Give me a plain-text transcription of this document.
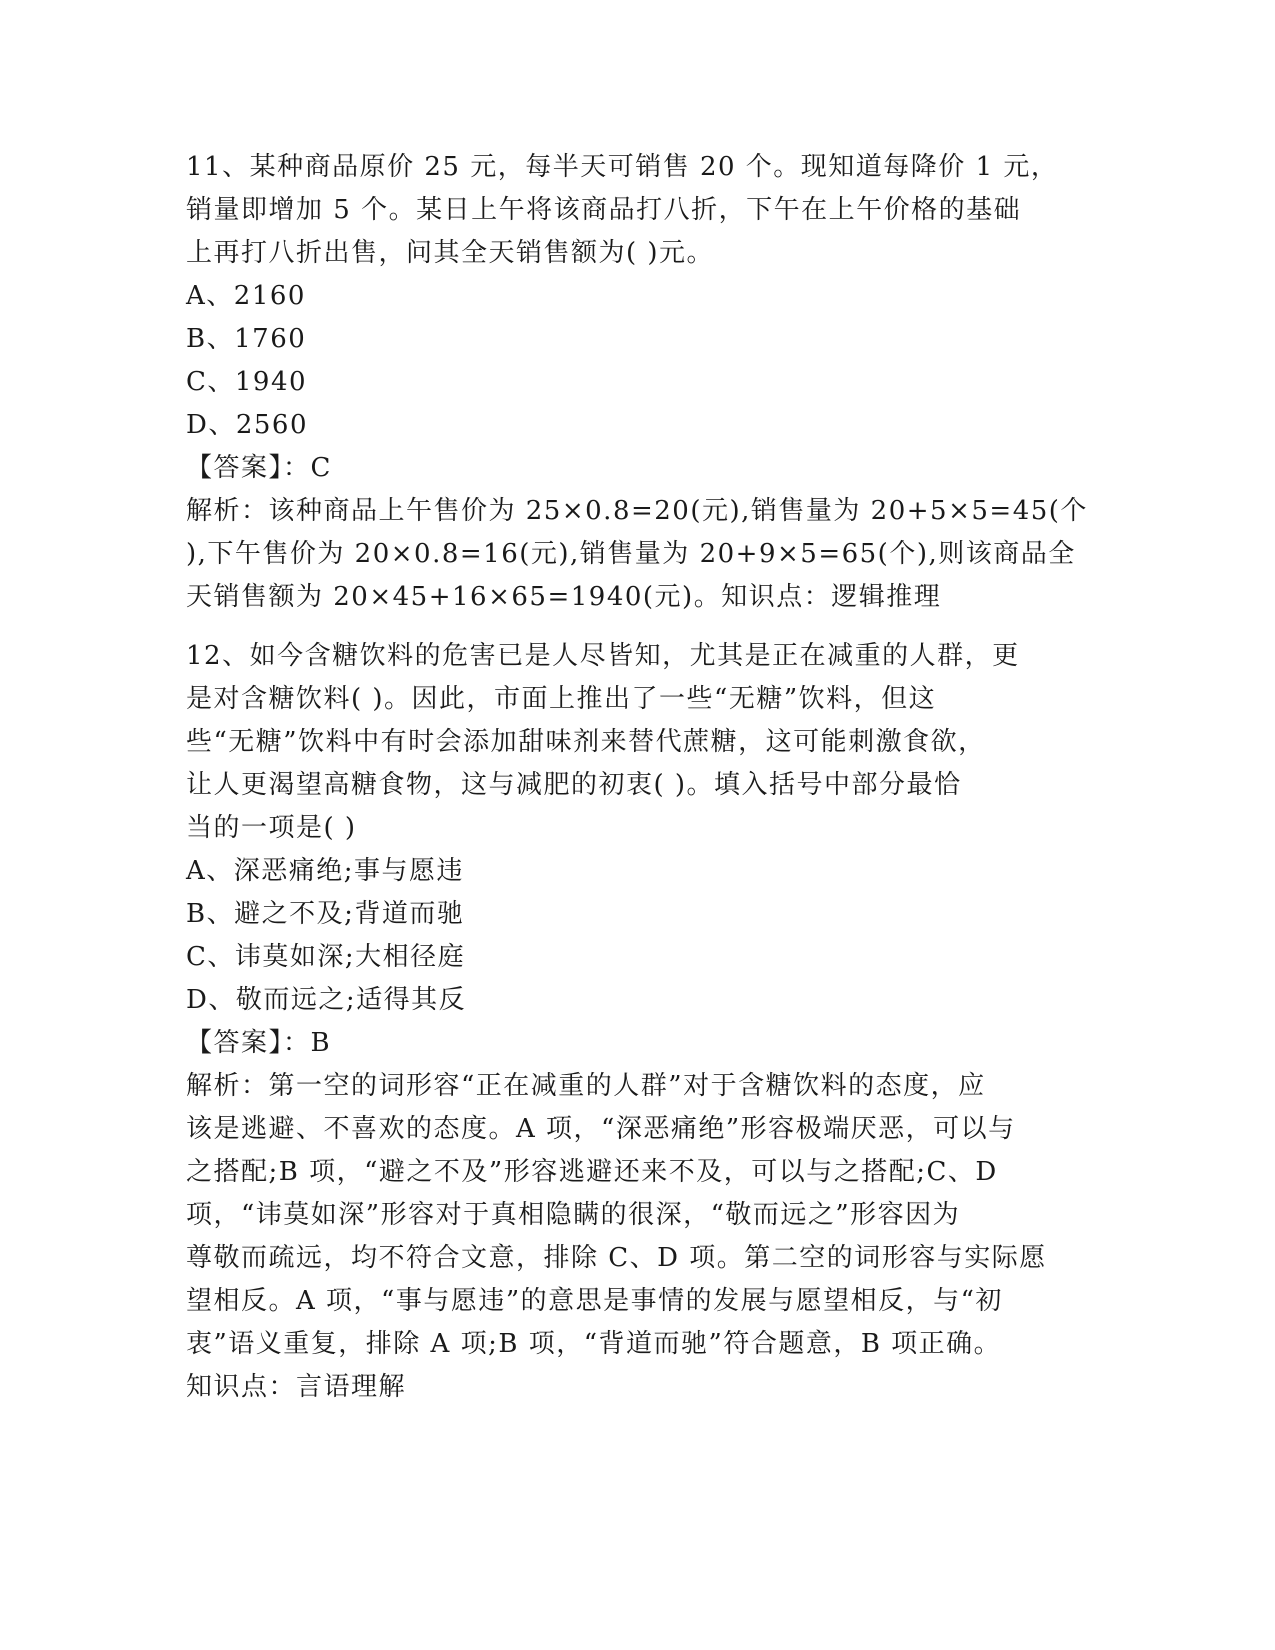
11、某种商品原价 25 元，每半天可销售 20 个。现知道每降价 1 元，
销量即增加 5 个。某日上午将该商品打八折，下午在上午价格的基础
上再打八折出售，问其全天销售额为( )元。
A、2160
B、1760
C、1940
D、2560
【答案】：C
解析：该种商品上午售价为 25×0.8=20(元),销售量为 20+5×5=45(个
),下午售价为 20×0.8=16(元),销售量为 20+9×5=65(个),则该商品全
天销售额为 20×45+16×65=1940(元)。知识点：逻辑推理
12、如今含糖饮料的危害已是人尽皆知，尤其是正在减重的人群，更
是对含糖饮料( )。因此，市面上推出了一些“无糖”饮料，但这
些“无糖”饮料中有时会添加甜味剂来替代蔗糖，这可能刺激食欲，
让人更渴望高糖食物，这与减肥的初衷( )。填入括号中部分最恰
当的一项是( )
A、深恶痛绝;事与愿违
B、避之不及;背道而驰
C、讳莫如深;大相径庭
D、敬而远之;适得其反
【答案】：B
解析：第一空的词形容“正在减重的人群”对于含糖饮料的态度，应
该是逃避、不喜欢的态度。A 项，“深恶痛绝”形容极端厌恶，可以与
之搭配;B 项，“避之不及”形容逃避还来不及，可以与之搭配;C、D
项，“讳莫如深”形容对于真相隐瞒的很深，“敬而远之”形容因为
尊敬而疏远，均不符合文意，排除 C、D 项。第二空的词形容与实际愿
望相反。A 项，“事与愿违”的意思是事情的发展与愿望相反，与“初
衷”语义重复，排除 A 项;B 项，“背道而驰”符合题意，B 项正确。
知识点：言语理解
